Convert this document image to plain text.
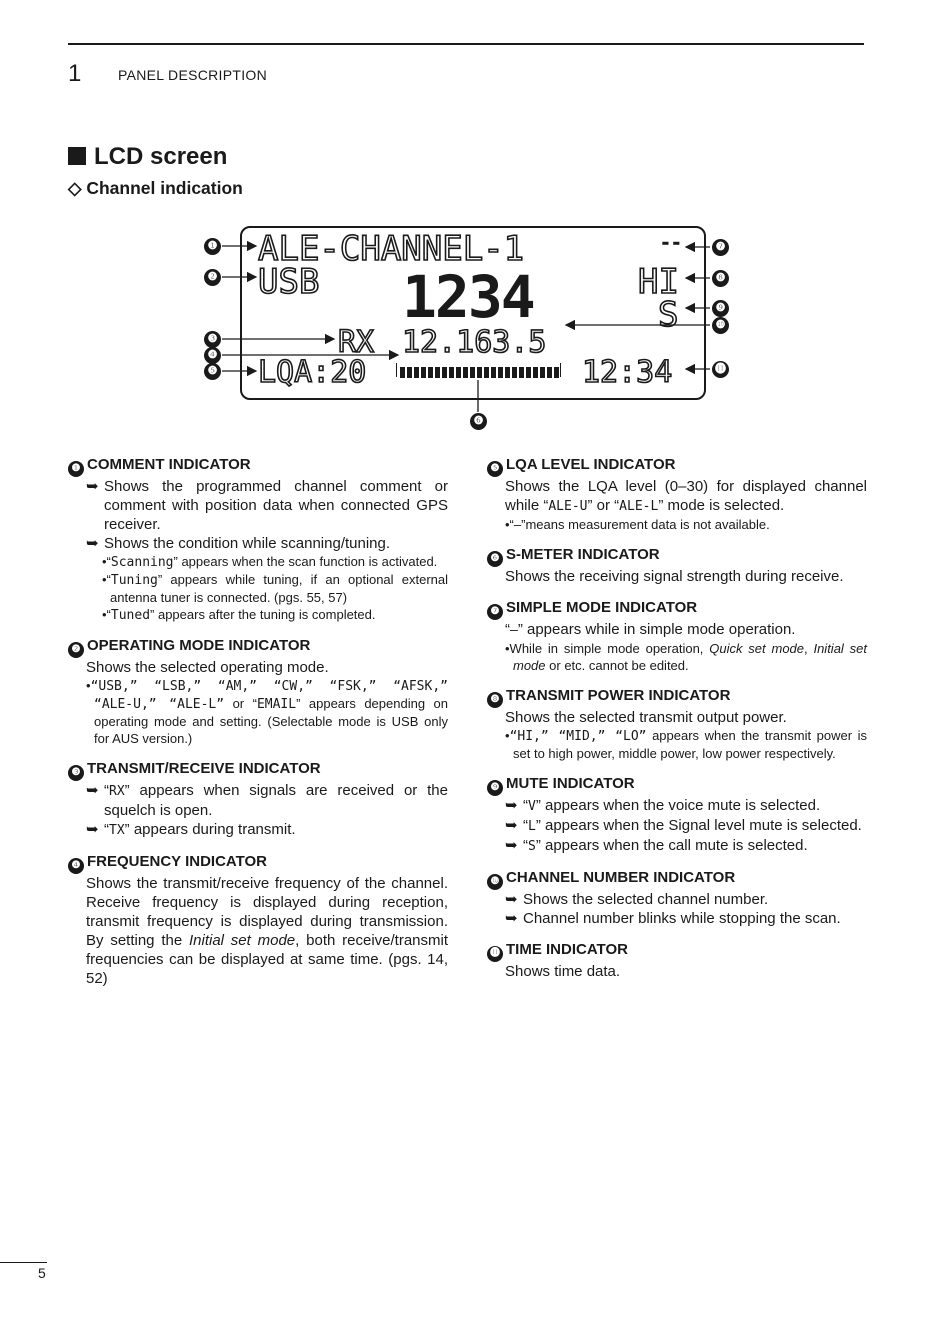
1	PANEL DESCRIPTION
LCD screen
◇ Channel indication
ALE-CHANNEL-1	--
USB 1234	HI
S
RX 12.163.5
LQA:20	12:34
❶
❷
❸
❹
❺
❻
❼
❽
❾
❿
⓫
❶ COMMENT INDICATOR
➥ Shows the programmed channel comment or comment with position data when connected GPS receiver.
➥ Shows the condition while scanning/tuning.
•“Scanning” appears when the scan function is activated.
•“Tuning” appears while tuning, if an optional external antenna tuner is connected. (pgs. 55, 57)
•“Tuned” appears after the tuning is completed.
❷ OPERATING MODE INDICATOR
Shows the selected operating mode.
•“USB,” “LSB,” “AM,” “CW,” “FSK,” “AFSK,” “ALE-U,” “ALE-L” or “EMAIL” appears depending on operating mode and setting. (Selectable mode is USB only for AUS version.)
❸ TRANSMIT/RECEIVE INDICATOR
➥ “RX” appears when signals are received or the squelch is open.
➥ “TX” appears during transmit.
❹ FREQUENCY INDICATOR
Shows the transmit/receive frequency of the channel. Receive frequency is displayed during reception, transmit frequency is displayed during transmission. By setting the Initial set mode, both receive/transmit frequencies can be displayed at same time. (pgs. 14, 52)
❺ LQA LEVEL INDICATOR
Shows the LQA level (0–30) for displayed channel while “ALE-U” or “ALE-L” mode is selected.
•“–”means measurement data is not available.
❻ S-METER INDICATOR
Shows the receiving signal strength during receive.
❼ SIMPLE MODE INDICATOR
“–” appears while in simple mode operation.
•While in simple mode operation, Quick set mode, Initial set mode or etc. cannot be edited.
❽ TRANSMIT POWER INDICATOR
Shows the selected transmit output power.
•“HI,” “MID,” “LO” appears when the transmit power is set to high power, middle power, low power respectively.
❾ MUTE INDICATOR
➥ “V” appears when the voice mute is selected.
➥ “L” appears when the Signal level mute is selected.
➥ “S” appears when the call mute is selected.
❿ CHANNEL NUMBER INDICATOR
➥ Shows the selected channel number.
➥ Channel number blinks while stopping the scan.
⓫ TIME INDICATOR
Shows time data.
5
